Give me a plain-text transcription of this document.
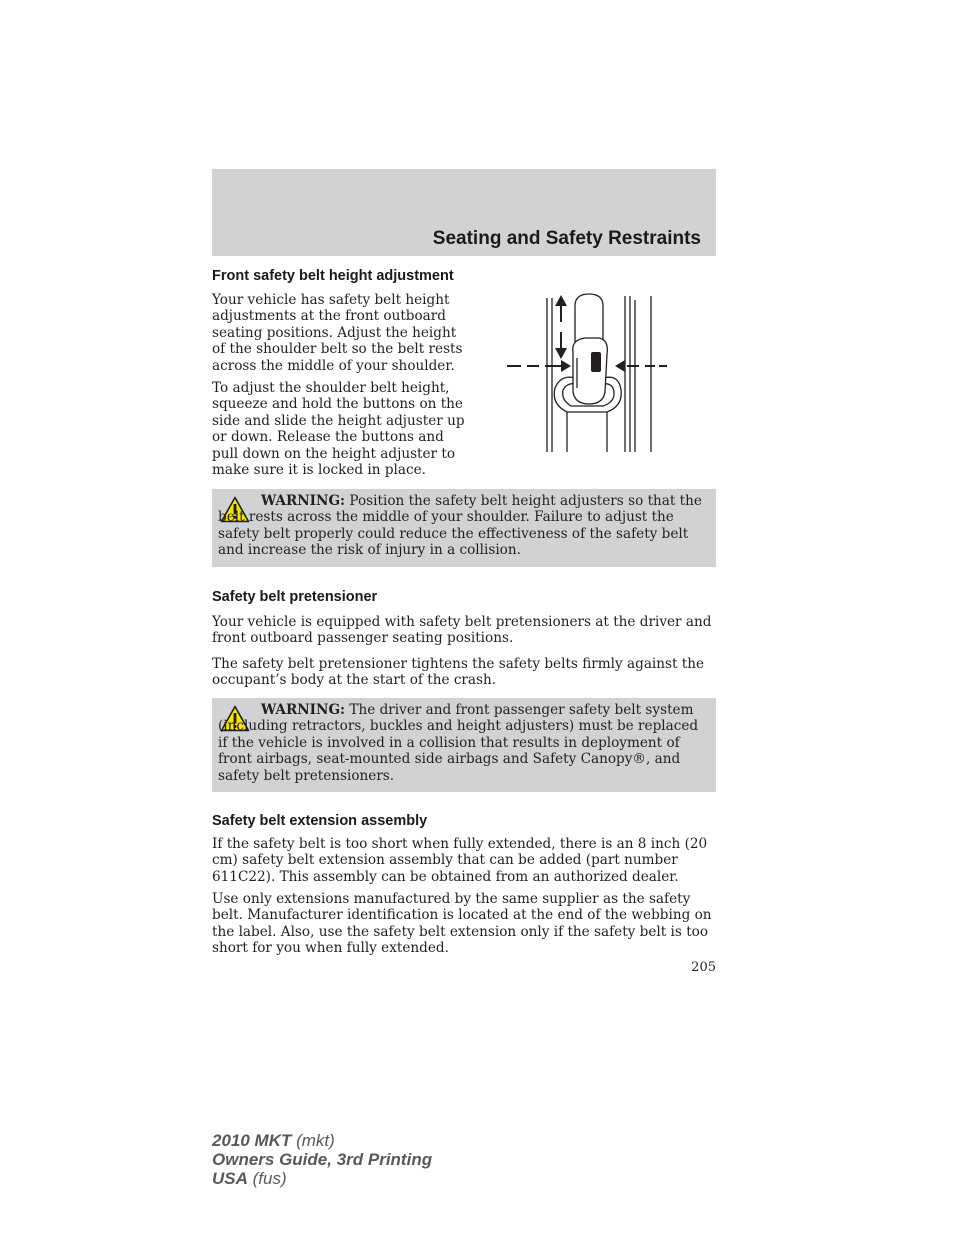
Seating and Safety Restraints
Front safety belt height adjustment
Your vehicle has safety belt height adjustments at the front outboard seating positions. Adjust the height of the shoulder belt so the belt rests across the middle of your shoulder.
To adjust the shoulder belt height, squeeze and hold the buttons on the side and slide the height adjuster up or down. Release the buttons and pull down on the height adjuster to make sure it is locked in place.
WARNING: Position the safety belt height adjusters so that the belt rests across the middle of your shoulder. Failure to adjust the safety belt properly could reduce the effectiveness of the safety belt and increase the risk of injury in a collision.
Safety belt pretensioner
Your vehicle is equipped with safety belt pretensioners at the driver and front outboard passenger seating positions.
The safety belt pretensioner tightens the safety belts firmly against the occupant’s body at the start of the crash.
WARNING: The driver and front passenger safety belt system (including retractors, buckles and height adjusters) must be replaced if the vehicle is involved in a collision that results in deployment of front airbags, seat-mounted side airbags and Safety Canopy®, and safety belt pretensioners.
Safety belt extension assembly
If the safety belt is too short when fully extended, there is an 8 inch (20 cm) safety belt extension assembly that can be added (part number 611C22). This assembly can be obtained from an authorized dealer.
Use only extensions manufactured by the same supplier as the safety belt. Manufacturer identification is located at the end of the webbing on the label. Also, use the safety belt extension only if the safety belt is too short for you when fully extended.
205
2010 MKT (mkt)
Owners Guide, 3rd Printing
USA (fus)
